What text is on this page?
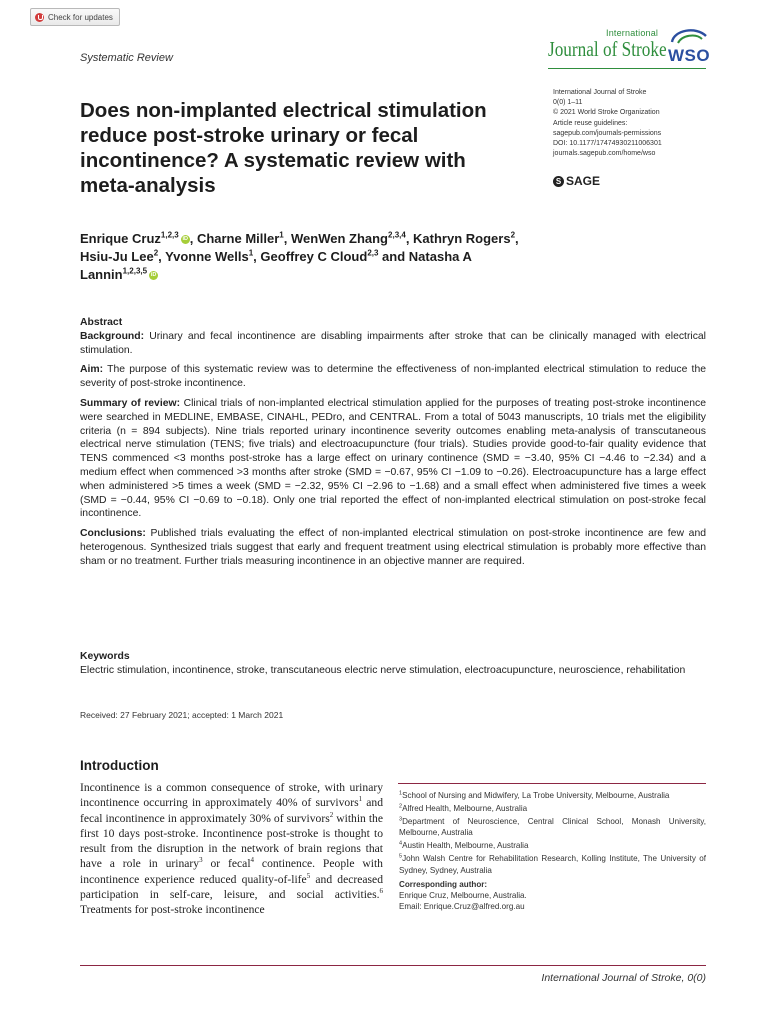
Check for updates
Systematic Review
International
Journal of Stroke WSO
International Journal of Stroke
0(0) 1–11
© 2021 World Stroke Organization
Article reuse guidelines:
sagepub.com/journals-permissions
DOI: 10.1177/17474930211006301
journals.sagepub.com/home/wso
S SAGE
Does non-implanted electrical stimulation reduce post-stroke urinary or fecal incontinence? A systematic review with meta-analysis
Enrique Cruz$^{1,2,3}$ iD , Charne Miller$^1$, WenWen Zhang$^{2,3,4}$, Kathryn Rogers$^2$, Hsiu-Ju Lee$^2$, Yvonne Wells$^1$, Geoffrey C Cloud$^{2,3}$ and Natasha A Lannin$^{1,2,3,5}$ iD
Abstract

Background: Urinary and fecal incontinence are disabling impairments after stroke that can be clinically managed with electrical stimulation.

Aim: The purpose of this systematic review was to determine the effectiveness of non-implanted electrical stimulation to reduce the severity of post-stroke incontinence.

Summary of review: Clinical trials of non-implanted electrical stimulation applied for the purposes of treating post-stroke incontinence were searched in MEDLINE, EMBASE, CINAHL, PEDro, and CENTRAL. From a total of 5043 manuscripts, 10 trials met the eligibility criteria (n = 894 subjects). Nine trials reported urinary incontinence severity outcomes enabling meta-analysis of transcutaneous electrical nerve stimulation (TENS; five trials) and electroacupuncture (four trials). Studies provide good-to-fair quality evidence that TENS commenced <3 months post-stroke has a large effect on urinary continence (SMD = −3.40, 95% CI −4.46 to −2.34) and a medium effect when commenced >3 months after stroke (SMD = −0.67, 95% CI −1.09 to −0.26). Electroacupuncture has a large effect when administered >5 times a week (SMD = −2.32, 95% CI −2.96 to −1.68) and a small effect when administered five times a week (SMD = −0.44, 95% CI −0.69 to −0.18). Only one trial reported the effect of non-implanted electrical stimulation on post-stroke fecal incontinence.

Conclusions: Published trials evaluating the effect of non-implanted electrical stimulation on post-stroke incontinence are few and heterogenous. Synthesized trials suggest that early and frequent treatment using electrical stimulation is probably more effective than sham or no treatment. Further trials measuring incontinence in an objective manner are required.

Keywords
Electric stimulation, incontinence, stroke, transcutaneous electric nerve stimulation, electroacupuncture, neuroscience, rehabilitation
Received: 27 February 2021; accepted: 1 March 2021
Introduction
Incontinence is a common consequence of stroke, with urinary incontinence occurring in approximately 40% of survivors$^1$ and fecal incontinence in approximately 30% of survivors$^2$ within the first 10 days post-stroke. Incontinence post-stroke is thought to result from the disruption in the network of brain regions that have a role in urinary$^3$ or fecal$^4$ continence. People with incontinence experience reduced quality-of-life$^5$ and decreased participation in self-care, leisure, and social activities.$^6$ Treatments for post-stroke incontinence
$^1$School of Nursing and Midwifery, La Trobe University, Melbourne, Australia
$^2$Alfred Health, Melbourne, Australia
$^3$Department of Neuroscience, Central Clinical School, Monash University, Melbourne, Australia
$^4$Austin Health, Melbourne, Australia
$^5$John Walsh Centre for Rehabilitation Research, Kolling Institute, The University of Sydney, Sydney, Australia
Corresponding author:
Enrique Cruz, Melbourne, Australia.
Email: Enrique.Cruz@alfred.org.au
International Journal of Stroke, 0(0)
